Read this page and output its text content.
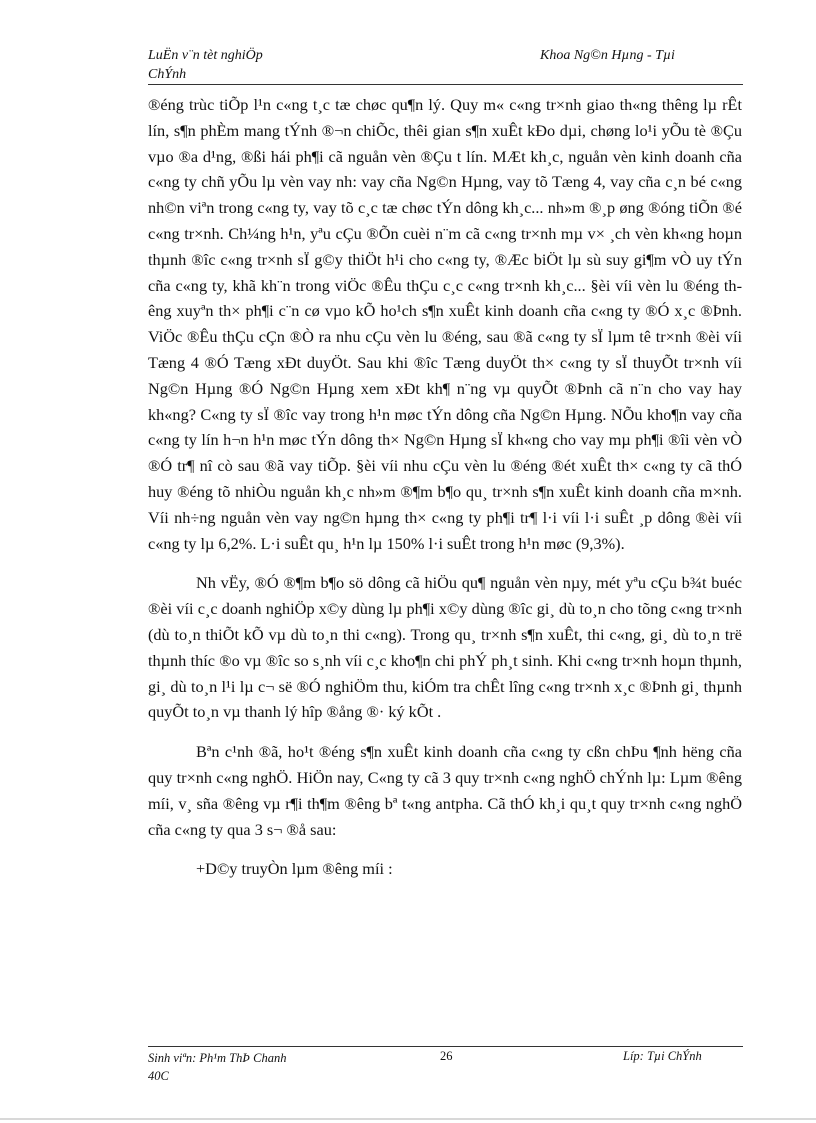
LuËn v¨n tèt nghiÖp
ChÝnh
Khoa Ng©n Hµng - Tµi

®éng trùc tiÕp l¹n c«ng t¸c tæ chøc qu¶n lý. Quy m« c«ng tr×nh giao th«ng thêng lµ rÊt lín, s¶n phÈm mang tÝnh ®¬n chiÕc, thêi gian s¶n xuÊt kÐo dµi, chøng lo¹i yÕu tè ®Çu vµo ®a d¹ng, ®ßi hái ph¶i cã nguån vèn ®Çu t lín. MÆt kh¸c, nguån vèn kinh doanh cña c«ng ty chñ yÕu lµ vèn vay nh: vay cña Ng©n Hµng, vay tõ Tæng 4, vay cña c¸n bé c«ng nh©n viªn trong c«ng ty, vay tõ c¸c tæ chøc tÝn dông kh¸c... nh»m ®¸p øng ®óng tiÕn ®é c«ng tr×nh. Ch¼ng h¹n, yªu cÇu ®Õn cuèi n¨m cã c«ng tr×nh mµ v× ¸ch vèn kh«ng hoµn thµnh ®îc c«ng tr×nh sÏ g©y thiÖt h¹i cho c«ng ty, ®Æc biÖt lµ sù suy gi¶m vÒ uy tÝn cña c«ng ty, khã kh¨n trong viÖc ®Êu thÇu c¸c c«ng tr×nh kh¸c... §èi víi vèn lu ®éng thêng xuyªn th× ph¶i c¨n cø vµo kÕ ho¹ch s¶n xuÊt kinh doanh cña c«ng ty ®Ó x¸c ®Þnh. ViÖc ®Êu thÇu cÇn ®Ò ra nhu cÇu vèn lu ®éng, sau ®ã c«ng ty sÏ lµm tê tr×nh ®èi víi Tæng 4 ®Ó Tæng xÐt duyÖt. Sau khi ®îc Tæng duyÖt th× c«ng ty sÏ thuyÕt tr×nh víi Ng©n Hµng ®Ó Ng©n Hµng xem xÐt kh¶ n¨ng vµ quyÕt ®Þnh cã n¨n cho vay hay kh«ng? C«ng ty sÏ ®îc vay trong h¹n møc tÝn dông cña Ng©n Hµng. NÕu kho¶n vay cña c«ng ty lín h¬n h¹n møc tÝn dông th× Ng©n Hµng sÏ kh«ng cho vay mµ ph¶i ®îi vèn vÒ ®Ó tr¶ nî cò sau ®ã vay tiÕp. §èi víi nhu cÇu vèn lu ®éng ®ét xuÊt th× c«ng ty cã thÓ huy ®éng tõ nhiÒu nguån kh¸c nh»m ®¶m b¶o qu¸ tr×nh s¶n xuÊt kinh doanh cña m×nh. Víi nh÷ng nguån vèn vay ng©n hµng th× c«ng ty ph¶i tr¶ l·i víi l·i suÊt ¸p dông ®èi víi c«ng ty lµ 6,2%. L·i suÊt qu¸ h¹n lµ 150% l·i suÊt trong h¹n møc (9,3%).

Nh vËy, ®Ó ®¶m b¶o sö dông cã hiÖu qu¶ nguån vèn nµy, mét yªu cÇu b¾t buéc ®èi víi c¸c doanh nghiÖp x©y dùng lµ ph¶i x©y dùng ®îc gi¸ dù to¸n cho tõng c«ng tr×nh (dù to¸n thiÕt kÕ vµ dù to¸n thi c«ng). Trong qu¸ tr×nh s¶n xuÊt, thi c«ng, gi¸ dù to¸n trë thµnh thíc ®o vµ ®îc so s¸nh víi c¸c kho¶n chi phÝ ph¸t sinh. Khi c«ng tr×nh hoµn thµnh, gi¸ dù to¸n l¹i lµ c¬ së ®Ó nghiÖm thu, kiÓm tra chÊt lîng c«ng tr×nh x¸c ®Þnh gi¸ thµnh quyÕt to¸n vµ thanh lý hîp ®ång ®· ký kÕt .

Bªn c¹nh ®ã, ho¹t ®éng s¶n xuÊt kinh doanh cña c«ng ty cßn chÞu ¶nh hëng cña quy tr×nh c«ng nghÖ. HiÖn nay, C«ng ty cã 3 quy tr×nh c«ng nghÖ chÝnh lµ: Lµm ®êng míi, v¸ sña ®êng vµ r¶i th¶m ®êng bª t«ng antpha. Cã thÓ kh¸i qu¸t quy tr×nh c«ng nghÖ cña c«ng ty qua 3 s¬ ®å sau:

+D©y truyÒn lµm ®êng míi :

Sinh viªn: Ph¹m ThÞ Chanh
40C
26	Líp: Tµi ChÝnh
